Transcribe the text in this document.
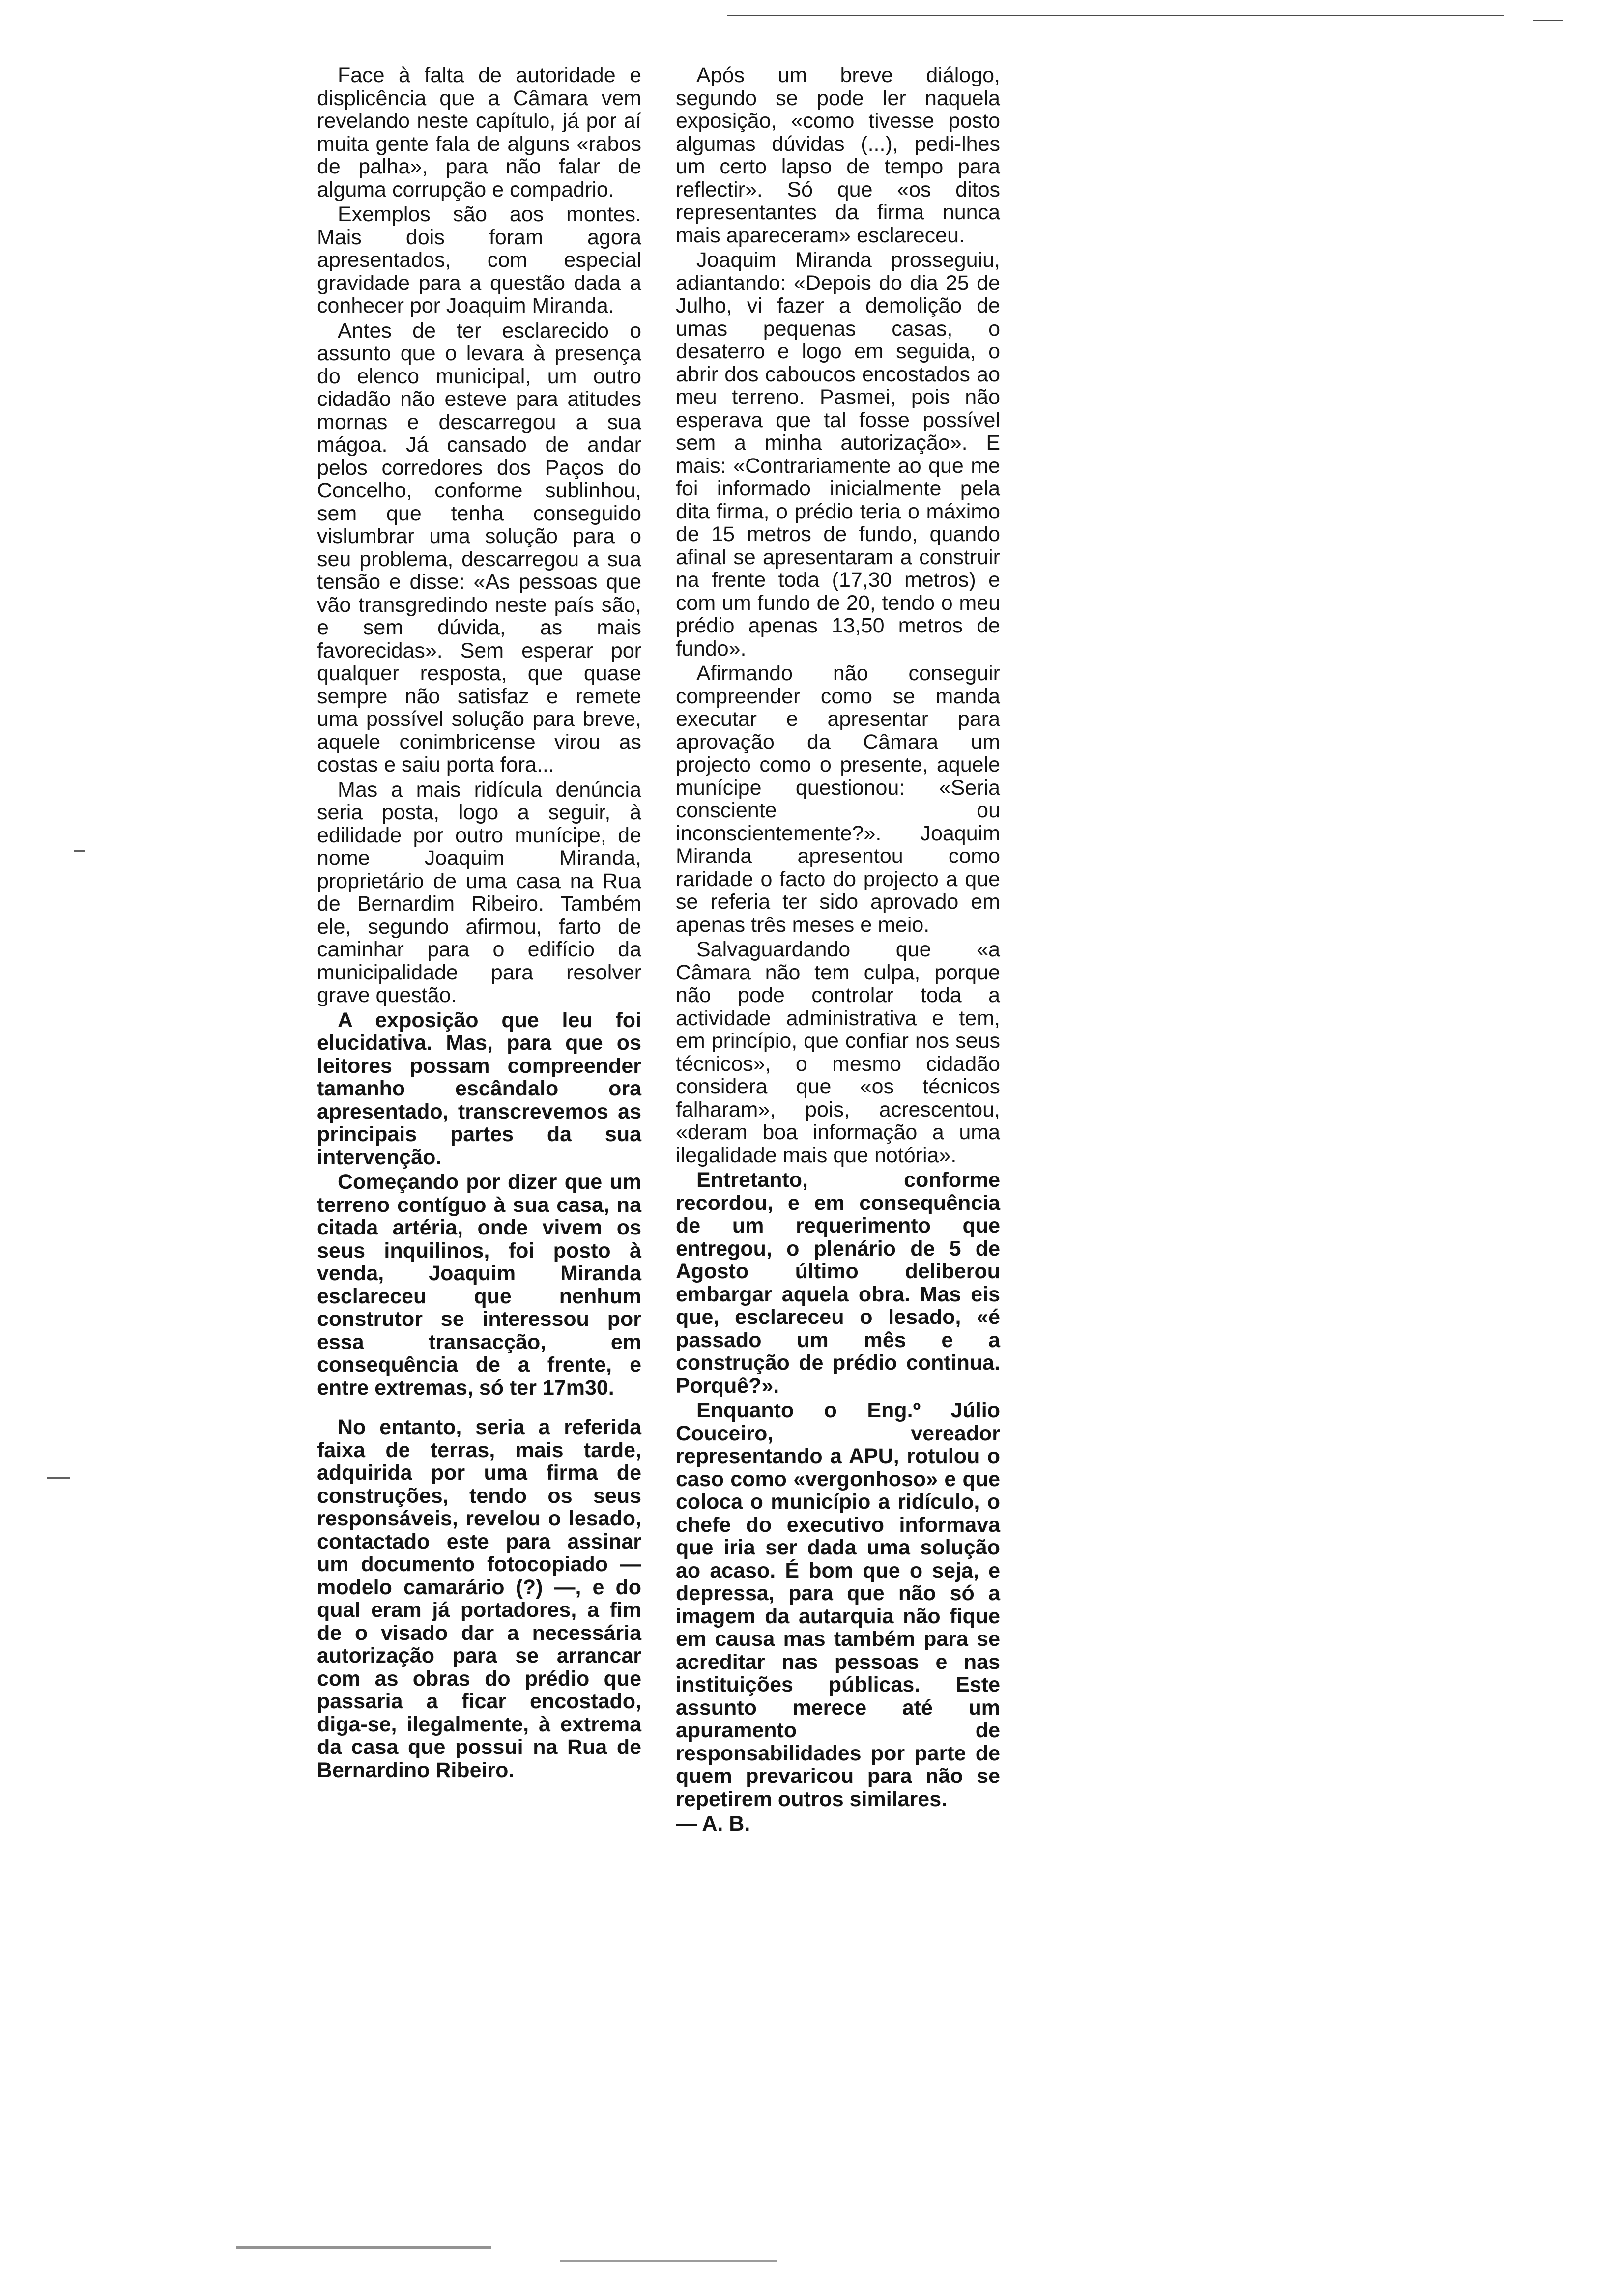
Face à falta de autoridade e displicência que a Câmara vem revelando neste capítulo, já por aí muita gente fala de alguns «rabos de palha», para não falar de alguma corrupção e compadrio.

Exemplos são aos montes. Mais dois foram agora apresentados, com especial gravidade para a questão dada a conhecer por Joaquim Miranda.

Antes de ter esclarecido o assunto que o levara à presença do elenco municipal, um outro cidadão não esteve para atitudes mornas e descarregou a sua mágoa. Já cansado de andar pelos corredores dos Paços do Concelho, conforme sublinhou, sem que tenha conseguido vislumbrar uma solução para o seu problema, descarregou a sua tensão e disse: «As pessoas que vão transgredindo neste país são, e sem dúvida, as mais favorecidas». Sem esperar por qualquer resposta, que quase sempre não satisfaz e remete uma possível solução para breve, aquele conimbricense virou as costas e saiu porta fora...

Mas a mais ridícula denúncia seria posta, logo a seguir, à edilidade por outro munícipe, de nome Joaquim Miranda, proprietário de uma casa na Rua de Bernardim Ribeiro. Também ele, segundo afirmou, farto de caminhar para o edifício da municipalidade para resolver grave questão.

A exposição que leu foi elucidativa. Mas, para que os leitores possam compreender tamanho escândalo ora apresentado, transcrevemos as principais partes da sua intervenção.

Começando por dizer que um terreno contíguo à sua casa, na citada artéria, onde vivem os seus inquilinos, foi posto à venda, Joaquim Miranda esclareceu que nenhum construtor se interessou por essa transacção, em consequência de a frente, e entre extremas, só ter 17m30.

No entanto, seria a referida faixa de terras, mais tarde, adquirida por uma firma de construções, tendo os seus responsáveis, revelou o lesado, contactado este para assinar um documento fotocopiado — modelo camarário (?) —, e do qual eram já portadores, a fim de o visado dar a necessária autorização para se arrancar com as obras do prédio que passaria a ficar encostado, diga-se, ilegalmente, à extrema da casa que possui na Rua de Bernardino Ribeiro.

Após um breve diálogo, segundo se pode ler naquela exposição, «como tivesse posto algumas dúvidas (...), pedi-lhes um certo lapso de tempo para reflectir». Só que «os ditos representantes da firma nunca mais apareceram» esclareceu.

Joaquim Miranda prosseguiu, adiantando: «Depois do dia 25 de Julho, vi fazer a demolição de umas pequenas casas, o desaterro e logo em seguida, o abrir dos caboucos encostados ao meu terreno. Pasmei, pois não esperava que tal fosse possível sem a minha autorização». E mais: «Contrariamente ao que me foi informado inicialmente pela dita firma, o prédio teria o máximo de 15 metros de fundo, quando afinal se apresentaram a construir na frente toda (17,30 metros) e com um fundo de 20, tendo o meu prédio apenas 13,50 metros de fundo».

Afirmando não conseguir compreender como se manda executar e apresentar para aprovação da Câmara um projecto como o presente, aquele munícipe questionou: «Seria consciente ou inconscientemente?». Joaquim Miranda apresentou como raridade o facto do projecto a que se referia ter sido aprovado em apenas três meses e meio.

Salvaguardando que «a Câmara não tem culpa, porque não pode controlar toda a actividade administrativa e tem, em princípio, que confiar nos seus técnicos», o mesmo cidadão considera que «os técnicos falharam», pois, acrescentou, «deram boa informação a uma ilegalidade mais que notória».

Entretanto, conforme recordou, e em consequência de um requerimento que entregou, o plenário de 5 de Agosto último deliberou embargar aquela obra. Mas eis que, esclareceu o lesado, «é passado um mês e a construção de prédio continua. Porquê?».

Enquanto o Eng.º Júlio Couceiro, vereador representando a APU, rotulou o caso como «vergonhoso» e que coloca o município a ridículo, o chefe do executivo informava que iria ser dada uma solução ao acaso. É bom que o seja, e depressa, para que não só a imagem da autarquia não fique em causa mas também para se acreditar nas pessoas e nas instituições públicas. Este assunto merece até um apuramento de responsabilidades por parte de quem prevaricou para não se repetirem outros similares.

— A. B.
